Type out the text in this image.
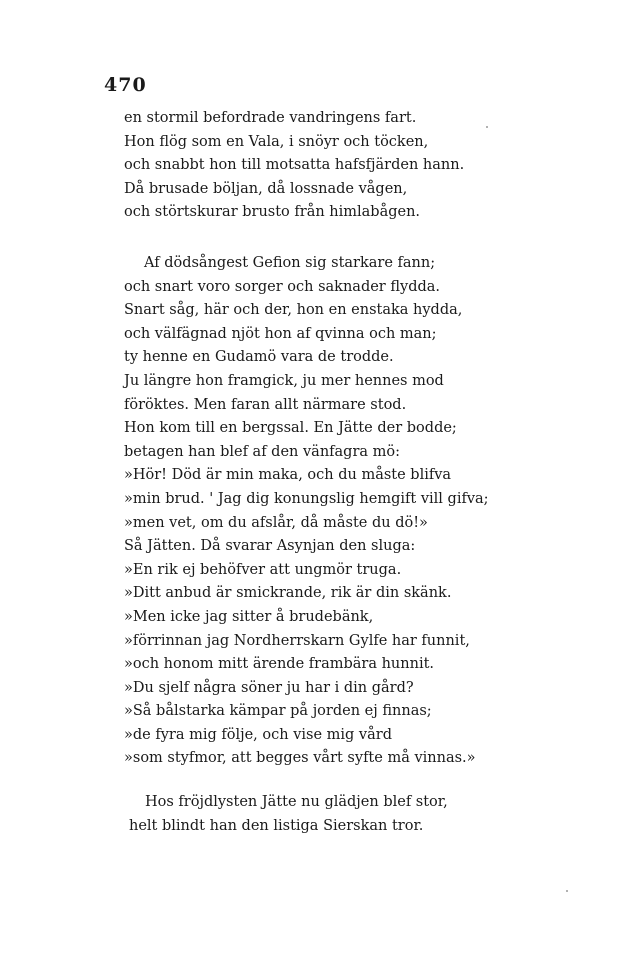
470
en stormil befordrade vandringens fart.
Hon flög som en Vala, i snöyr och töcken,
och snabbt hon till motsatta hafsfjärden hann.
Då brusade böljan, då lossnade vågen,
och störtskurar brusto från himlabågen.
Af dödsångest Gefion sig starkare fann;
och snart voro sorger och saknader flydda.
Snart såg, här och der, hon en enstaka hydda,
och välfägnad njöt hon af qvinna och man;
ty henne en Gudamö vara de trodde.
Ju längre hon framgick, ju mer hennes mod
föröktes. Men faran allt närmare stod.
Hon kom till en bergssal. En Jätte der bodde;
betagen han blef af den vänfagra mö:
»Hör! Död är min maka, och du måste blifva
»min brud. ' Jag dig konungslig hemgift vill gifva;
»men vet, om du afslår, då måste du dö!»
Så Jätten. Då svarar Asynjan den sluga:
»En rik ej behöfver att ungmör truga.
»Ditt anbud är smickrande, rik är din skänk.
»Men icke jag sitter å brudebänk,
»förrinnan jag Nordherrskarn Gylfe har funnit,
»och honom mitt ärende frambära hunnit.
»Du sjelf några söner ju har i din gård?
»Så bålstarka kämpar på jorden ej finnas;
»de fyra mig följe, och vise mig vård
»som styfmor, att begges vårt syfte må vinnas.»
Hos fröjdlysten Jätte nu glädjen blef stor,
helt blindt han den listiga Sierskan tror.
